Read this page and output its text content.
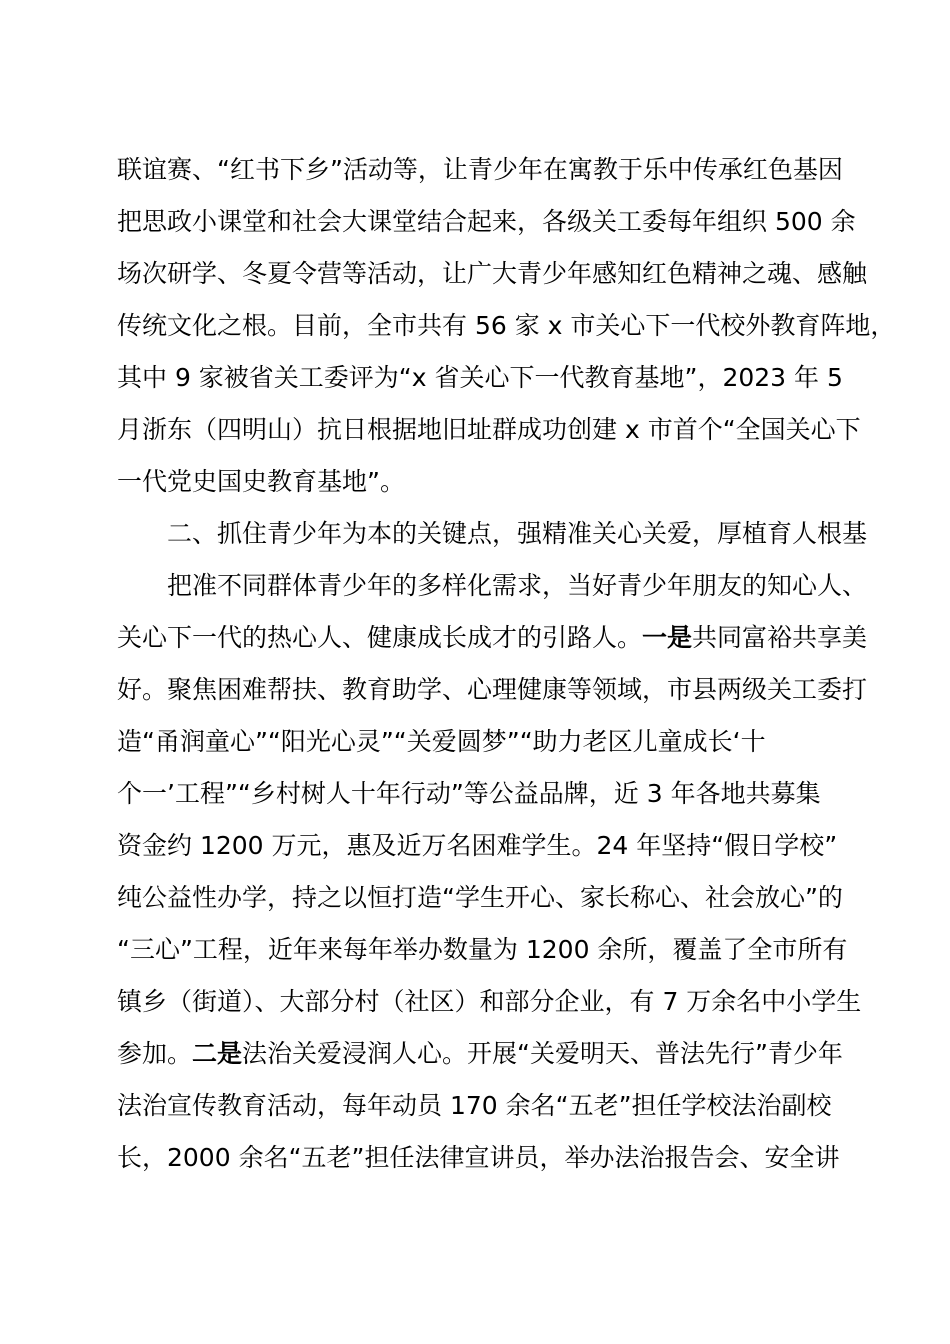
联谊赛、“红书下乡”活动等，让青少年在寓教于乐中传承红色基因
把思政小课堂和社会大课堂结合起来，各级关工委每年组织 500 余
场次研学、冬夏令营等活动，让广大青少年感知红色精神之魂、感触
传统文化之根。目前，全市共有 56 家 x 市关心下一代校外教育阵地，
其中 9 家被省关工委评为“x 省关心下一代教育基地”，2023 年 5
月浙东（四明山）抗日根据地旧址群成功创建 x 市首个“全国关心下
一代党史国史教育基地”。
二、抓住青少年为本的关键点，强精准关心关爱，厚植育人根基
把准不同群体青少年的多样化需求，当好青少年朋友的知心人、
关心下一代的热心人、健康成长成才的引路人。一是共同富裕共享美
好。聚焦困难帮扶、教育助学、心理健康等领域，市县两级关工委打
造“甬润童心”“阳光心灵”“关爱圆梦”“助力老区儿童成长‘十
个一’工程”“乡村树人十年行动”等公益品牌，近 3 年各地共募集
资金约 1200 万元，惠及近万名困难学生。24 年坚持“假日学校”
纯公益性办学，持之以恒打造“学生开心、家长称心、社会放心”的
“三心”工程，近年来每年举办数量为 1200 余所，覆盖了全市所有
镇乡（街道）、大部分村（社区）和部分企业，有 7 万余名中小学生
参加。二是法治关爱浸润人心。开展“关爱明天、普法先行”青少年
法治宣传教育活动，每年动员 170 余名“五老”担任学校法治副校
长，2000 余名“五老”担任法律宣讲员，举办法治报告会、安全讲
